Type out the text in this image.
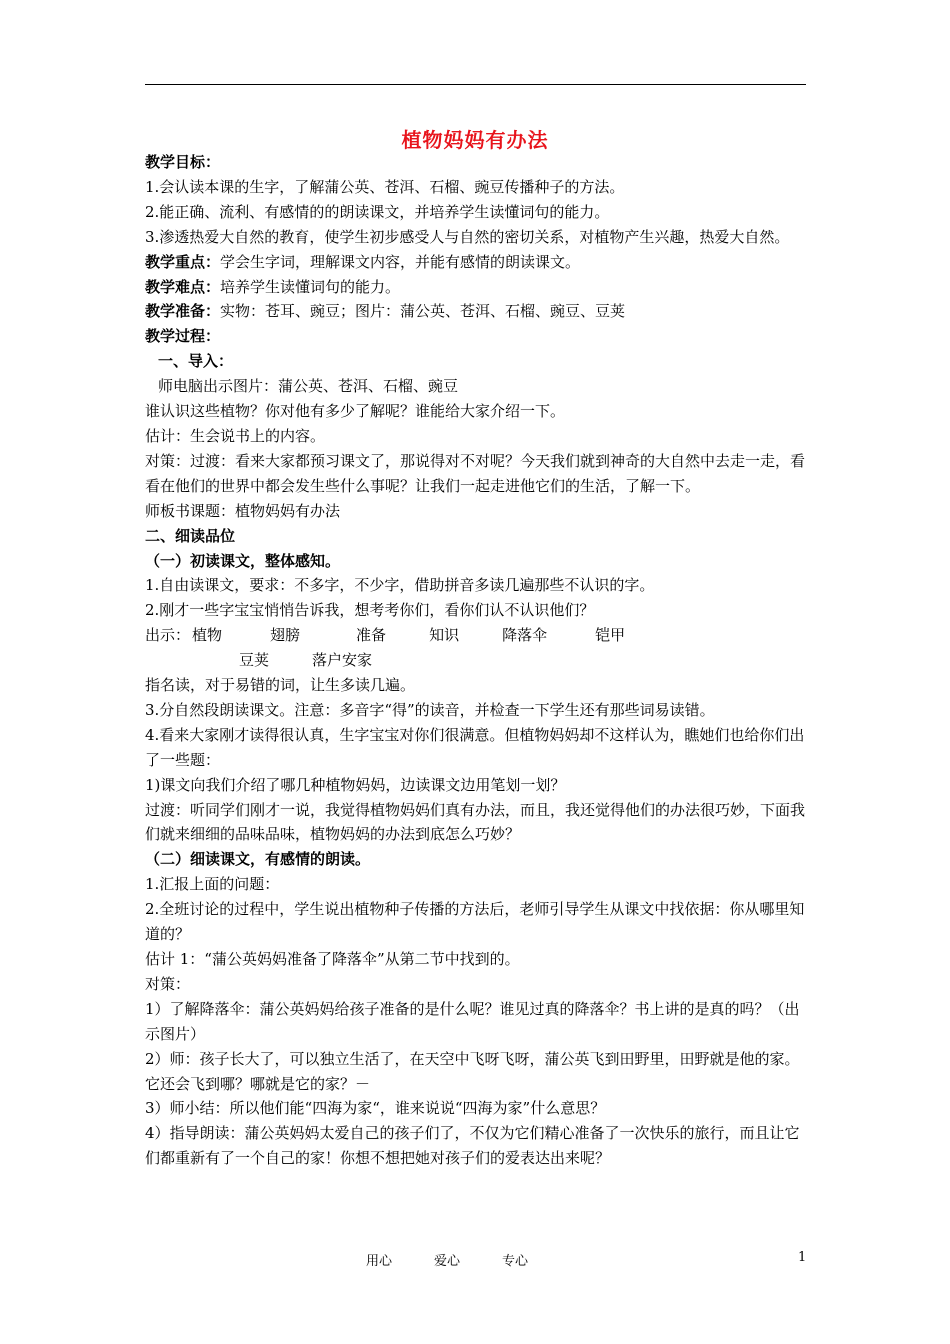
植物妈妈有办法
教学目标：
1.会认读本课的生字，了解蒲公英、苍洱、石榴、豌豆传播种子的方法。
2.能正确、流利、有感情的的朗读课文，并培养学生读懂词句的能力。
3.渗透热爱大自然的教育，使学生初步感受人与自然的密切关系，对植物产生兴趣，热爱大自然。
教学重点：学会生字词，理解课文内容，并能有感情的朗读课文。
教学难点：培养学生读懂词句的能力。
教学准备：实物：苍耳、豌豆；图片：蒲公英、苍洱、石榴、豌豆、豆荚
教学过程：
一、导入：
师电脑出示图片：蒲公英、苍洱、石榴、豌豆
谁认识这些植物？你对他有多少了解呢？谁能给大家介绍一下。
估计：生会说书上的内容。
对策：过渡：看来大家都预习课文了，那说得对不对呢？今天我们就到神奇的大自然中去走一走，看看在他们的世界中都会发生些什么事呢？让我们一起走进他它们的生活，了解一下。
师板书课题：植物妈妈有办法
二、细读品位
（一）初读课文，整体感知。
1.自由读课文，要求：不多字，不少字，借助拼音多读几遍那些不认识的字。
2.刚才一些字宝宝悄悄告诉我，想考考你们，看你们认不认识他们？
出示： 植物	翅膀	准备	知识	降落伞	铠甲
豆荚	落户安家
指名读，对于易错的词，让生多读几遍。
3.分自然段朗读课文。注意：多音字“得”的读音，并检查一下学生还有那些词易读错。
4.看来大家刚才读得很认真，生字宝宝对你们很满意。但植物妈妈却不这样认为，瞧她们也给你们出了一些题：
1)课文向我们介绍了哪几种植物妈妈，边读课文边用笔划一划？
过渡：听同学们刚才一说，我觉得植物妈妈们真有办法，而且，我还觉得他们的办法很巧妙，下面我们就来细细的品味品味，植物妈妈的办法到底怎么巧妙？
（二）细读课文，有感情的朗读。
1.汇报上面的问题：
2.全班讨论的过程中，学生说出植物种子传播的方法后，老师引导学生从课文中找依据：你从哪里知道的？
估计 1：“蒲公英妈妈准备了降落伞”从第二节中找到的。
对策：
1）了解降落伞：蒲公英妈妈给孩子准备的是什么呢？谁见过真的降落伞？书上讲的是真的吗？（出示图片）
2）师：孩子长大了，可以独立生活了，在天空中飞呀飞呀，蒲公英飞到田野里，田野就是他的家。它还会飞到哪？哪就是它的家？－
3）师小结：所以他们能“四海为家“，谁来说说“四海为家”什么意思？
4）指导朗读：蒲公英妈妈太爱自己的孩子们了，不仅为它们精心准备了一次快乐的旅行，而且让它们都重新有了一个自己的家！你想不想把她对孩子们的爱表达出来呢？
用心	爱心	专心	1
